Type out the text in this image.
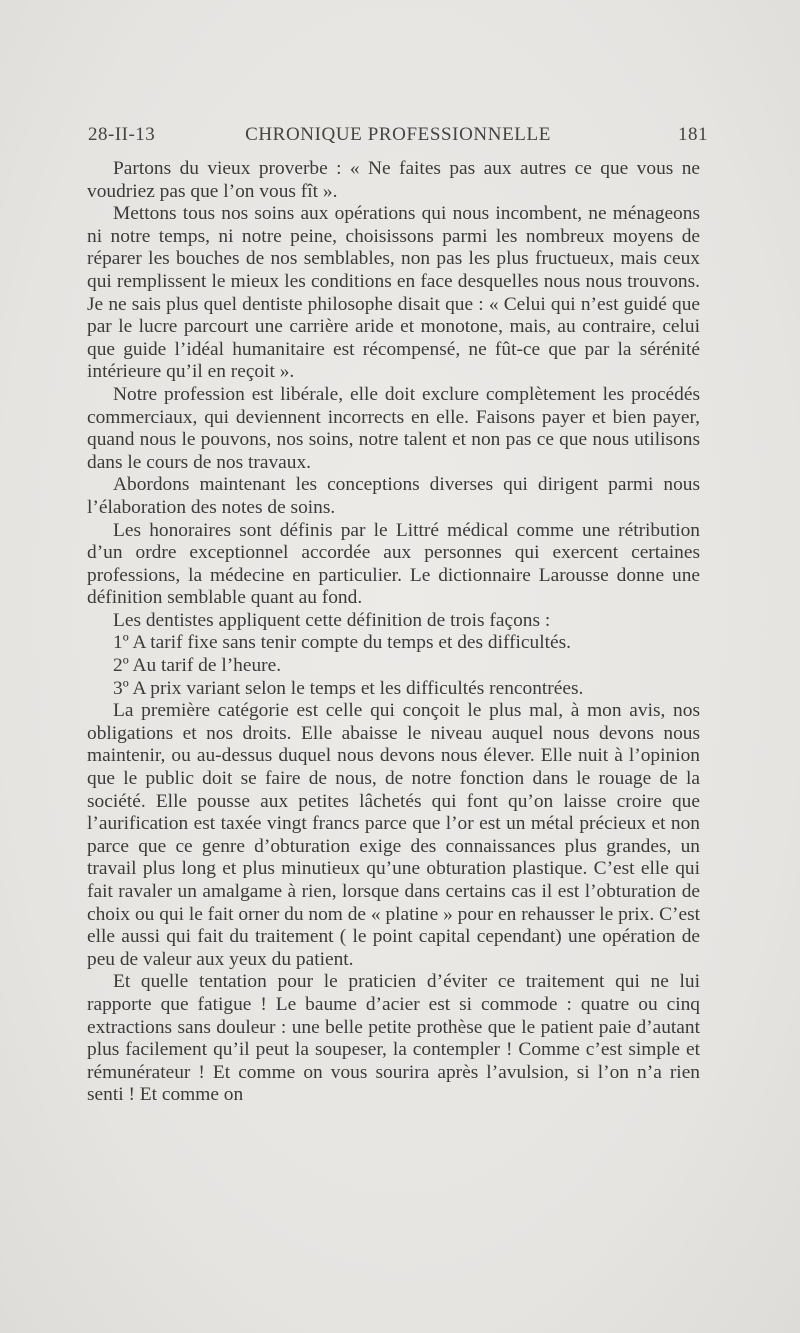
28-II-13	CHRONIQUE PROFESSIONNELLE	181

Partons du vieux proverbe : « Ne faites pas aux autres ce que vous ne voudriez pas que l’on vous fît ».

Mettons tous nos soins aux opérations qui nous incombent, ne ménageons ni notre temps, ni notre peine, choisissons parmi les nombreux moyens de réparer les bouches de nos semblables, non pas les plus fructueux, mais ceux qui remplissent le mieux les conditions en face desquelles nous nous trouvons. Je ne sais plus quel dentiste philosophe disait que : « Celui qui n’est guidé que par le lucre parcourt une carrière aride et monotone, mais, au contraire, celui que guide l’idéal humanitaire est récompensé, ne fût-ce que par la sérénité intérieure qu’il en reçoit ».

Notre profession est libérale, elle doit exclure complètement les procédés commerciaux, qui deviennent incorrects en elle. Faisons payer et bien payer, quand nous le pouvons, nos soins, notre talent et non pas ce que nous utilisons dans le cours de nos travaux.

Abordons maintenant les conceptions diverses qui dirigent parmi nous l’élaboration des notes de soins.

Les honoraires sont définis par le Littré médical comme une rétribution d’un ordre exceptionnel accordée aux personnes qui exercent certaines professions, la médecine en particulier. Le dictionnaire Larousse donne une définition semblable quant au fond.

Les dentistes appliquent cette définition de trois façons :

1º A tarif fixe sans tenir compte du temps et des difficultés.

2º Au tarif de l’heure.

3º A prix variant selon le temps et les difficultés rencontrées.

La première catégorie est celle qui conçoit le plus mal, à mon avis, nos obligations et nos droits. Elle abaisse le niveau auquel nous devons nous maintenir, ou au-dessus duquel nous devons nous élever. Elle nuit à l’opinion que le public doit se faire de nous, de notre fonction dans le rouage de la société. Elle pousse aux petites lâchetés qui font qu’on laisse croire que l’aurification est taxée vingt francs parce que l’or est un métal précieux et non parce que ce genre d’obturation exige des connaissances plus grandes, un travail plus long et plus minutieux qu’une obturation plastique. C’est elle qui fait ravaler un amalgame à rien, lorsque dans certains cas il est l’obturation de choix ou qui le fait orner du nom de « platine » pour en rehausser le prix. C’est elle aussi qui fait du traitement ( le point capital cependant) une opération de peu de valeur aux yeux du patient.

Et quelle tentation pour le praticien d’éviter ce traitement qui ne lui rapporte que fatigue ! Le baume d’acier est si commode : quatre ou cinq extractions sans douleur : une belle petite prothèse que le patient paie d’autant plus facilement qu’il peut la soupeser, la contempler ! Comme c’est simple et rémunérateur ! Et comme on vous sourira après l’avulsion, si l’on n’a rien senti ! Et comme on
